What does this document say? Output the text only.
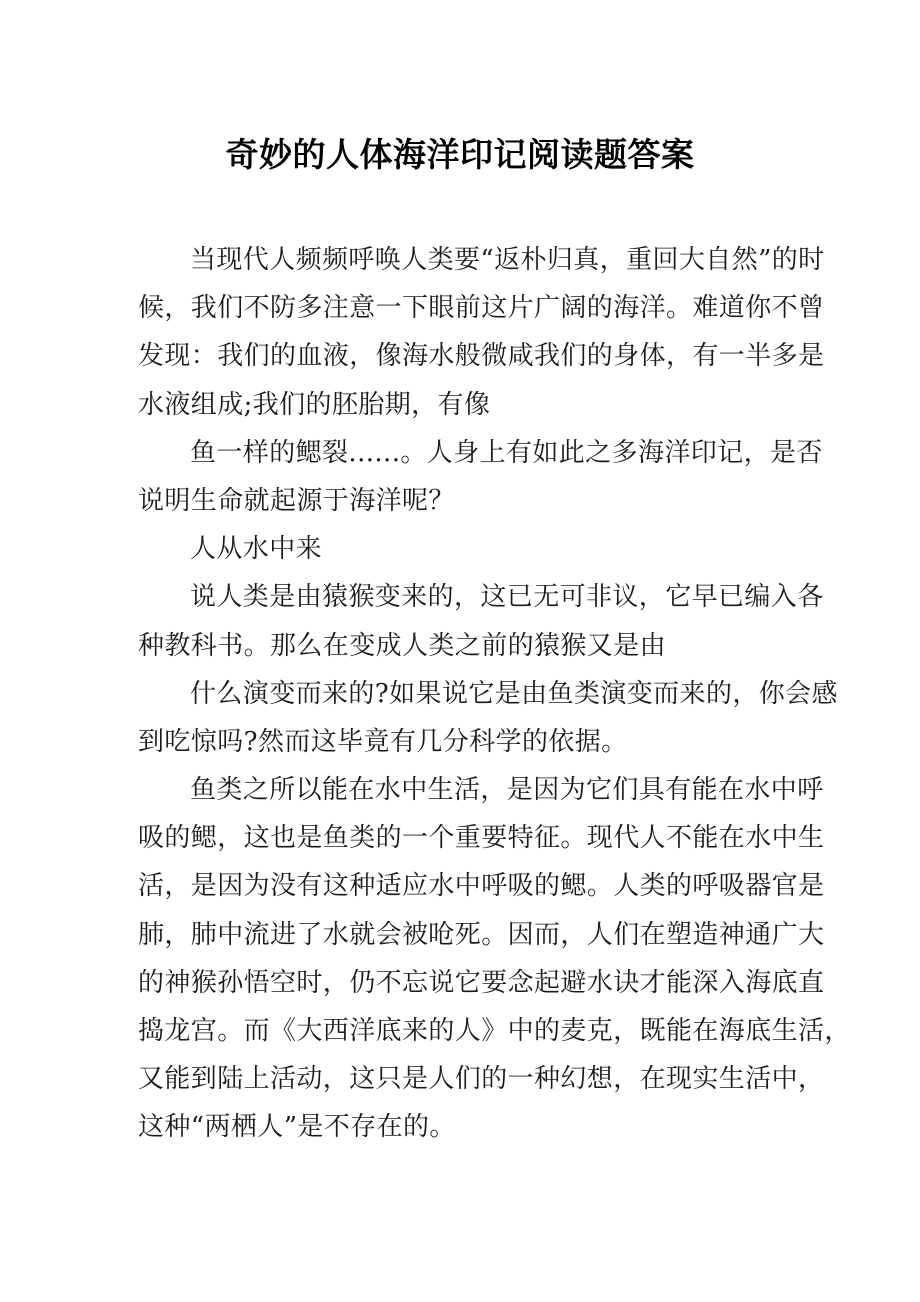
奇妙的人体海洋印记阅读题答案
当现代人频频呼唤人类要“返朴归真，重回大自然”的时
候，我们不防多注意一下眼前这片广阔的海洋。难道你不曾
发现：我们的血液，像海水般微咸我们的身体，有一半多是
水液组成;我们的胚胎期，有像
鱼一样的鳃裂......。人身上有如此之多海洋印记，是否
说明生命就起源于海洋呢？
人从水中来
说人类是由猿猴变来的，这已无可非议，它早已编入各
种教科书。那么在变成人类之前的猿猴又是由
什么演变而来的?如果说它是由鱼类演变而来的，你会感
到吃惊吗?然而这毕竟有几分科学的依据。
鱼类之所以能在水中生活，是因为它们具有能在水中呼
吸的鳃，这也是鱼类的一个重要特征。现代人不能在水中生
活，是因为没有这种适应水中呼吸的鳃。人类的呼吸器官是
肺，肺中流进了水就会被呛死。因而，人们在塑造神通广大
的神猴孙悟空时，仍不忘说它要念起避水诀才能深入海底直
捣龙宫。而《大西洋底来的人》中的麦克，既能在海底生活，
又能到陆上活动，这只是人们的一种幻想，在现实生活中，
这种“两栖人”是不存在的。
